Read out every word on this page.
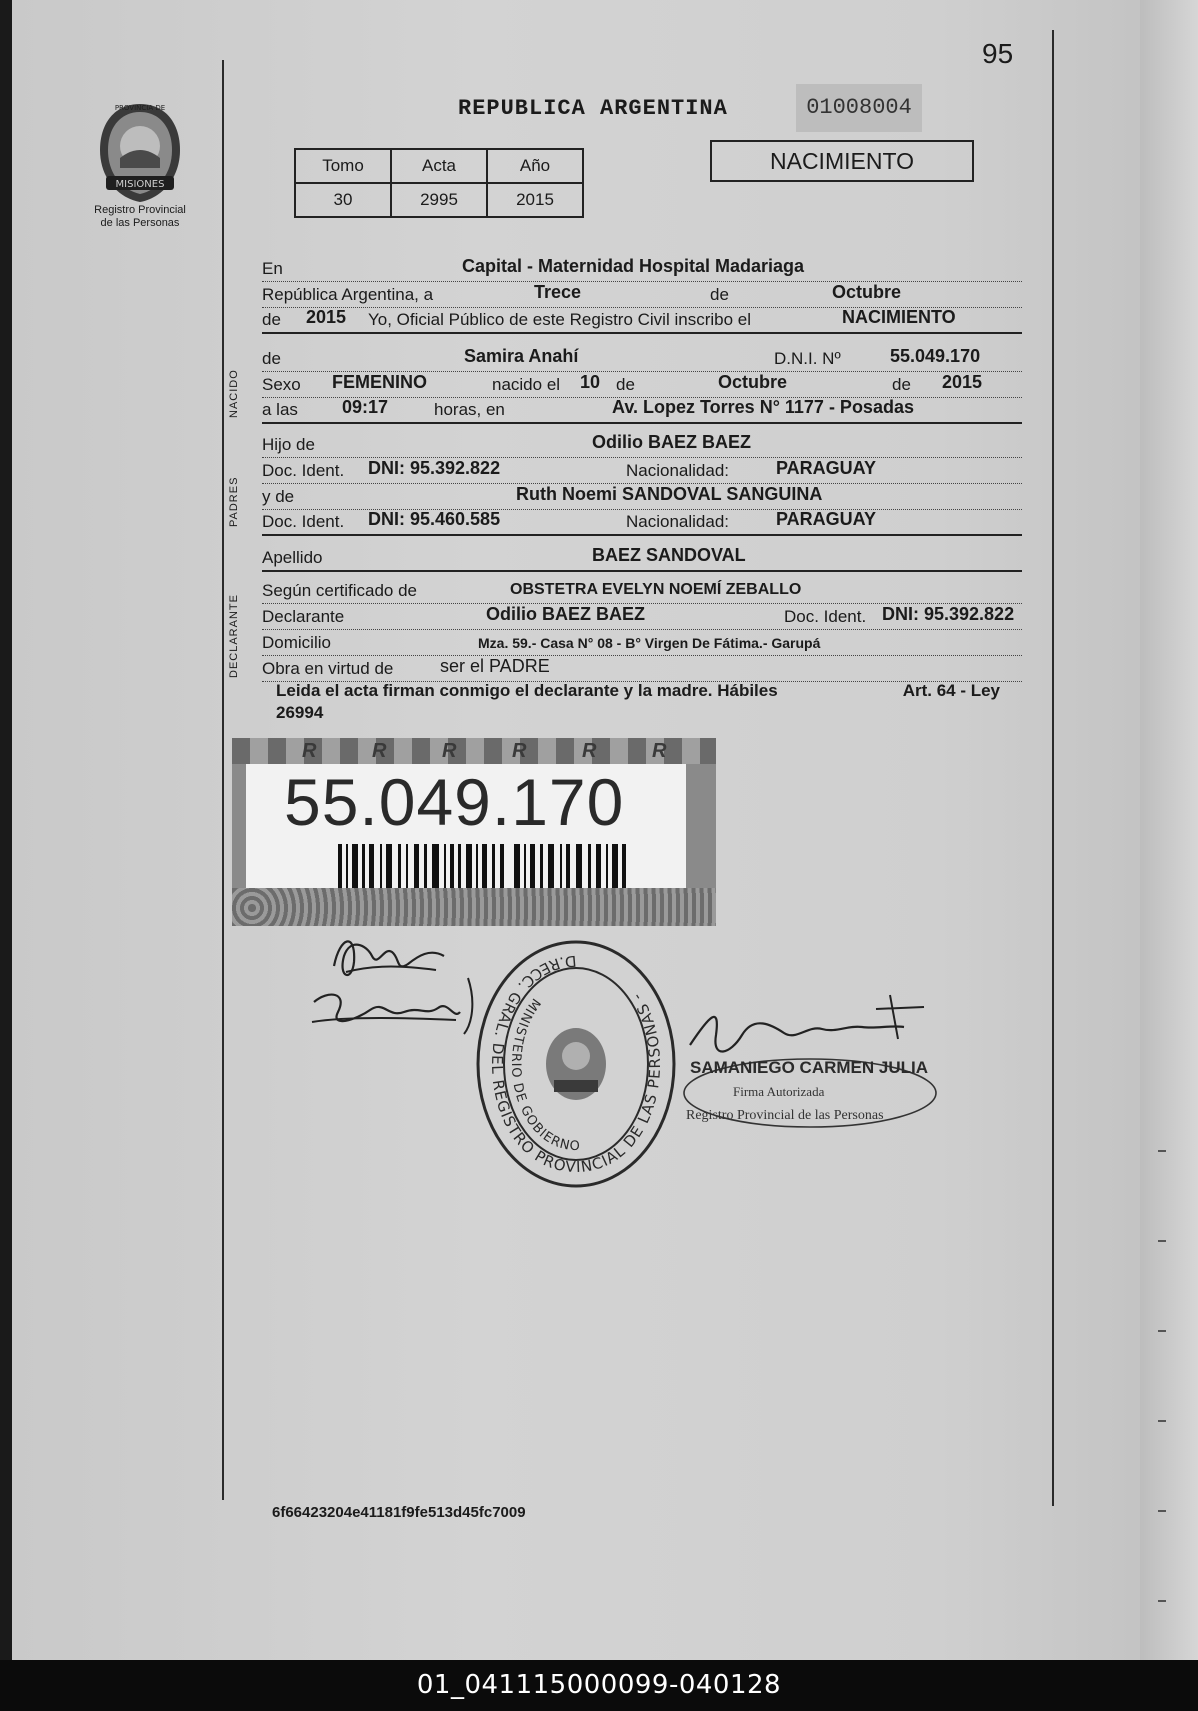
95
MISIONES
PROVINCIA DE
Registro Provincial
de las Personas
REPUBLICA ARGENTINA	01008004
Tomo	Acta	Año
30	2995	2015
NACIMIENTO
En	Capital - Maternidad Hospital Madariaga
República Argentina, a	Trece	de	Octubre
de 2015 Yo, Oficial Público de este Registro Civil inscribo el	NACIMIENTO
NACIDO
de	Samira Anahí	D.N.I. Nº	55.049.170
Sexo FEMENINO	nacido el 10 de	Octubre	de 2015
a las 09:17	horas, en	Av. Lopez Torres N° 1177 - Posadas
PADRES
Hijo de	Odilio BAEZ BAEZ
Doc. Ident. DNI: 95.392.822	Nacionalidad:	PARAGUAY
y de	Ruth Noemi SANDOVAL SANGUINA
Doc. Ident. DNI: 95.460.585	Nacionalidad:	PARAGUAY
Apellido	BAEZ SANDOVAL
DECLARANTE
Según certificado de	OBSTETRA EVELYN NOEMÍ ZEBALLO
Declarante	Odilio BAEZ BAEZ	Doc. Ident. DNI: 95.392.822
Domicilio	Mza. 59.- Casa N° 08 - B° Virgen De Fátima.- Garupá
Obra en virtud de	ser el PADRE
Leida el acta firman conmigo el declarante y la madre. Hábiles	Art. 64 - Ley
26994
R	R	R	R	R	R
55.049.170
D.RECC. GRAL. DEL REGISTRO PROVINCIAL DE LAS PERSONAS -
MINISTERIO DE GOBIERNO
SAMANIEGO CARMEN JULIA
Firma Autorizada
Registro Provincial de las Personas
6f66423204e41181f9fe513d45fc7009
01_041115000099-040128
